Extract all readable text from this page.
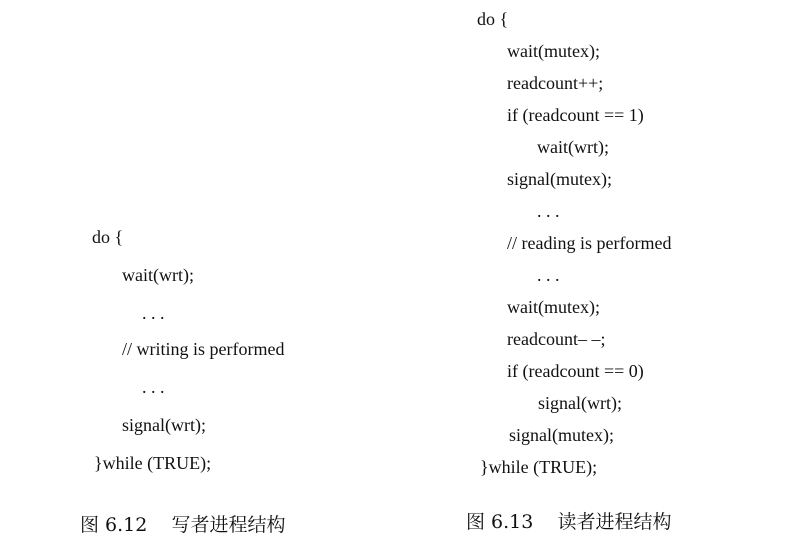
do {
wait(wrt);
. . .
// writing is performed
. . .
signal(wrt);
}while (TRUE);
图 6.12    写者进程结构
do {
wait(mutex);
readcount++;
if (readcount == 1)
wait(wrt);
signal(mutex);
. . .
// reading is performed
. . .
wait(mutex);
readcount– –;
if (readcount == 0)
signal(wrt);
signal(mutex);
}while (TRUE);
图 6.13    读者进程结构
